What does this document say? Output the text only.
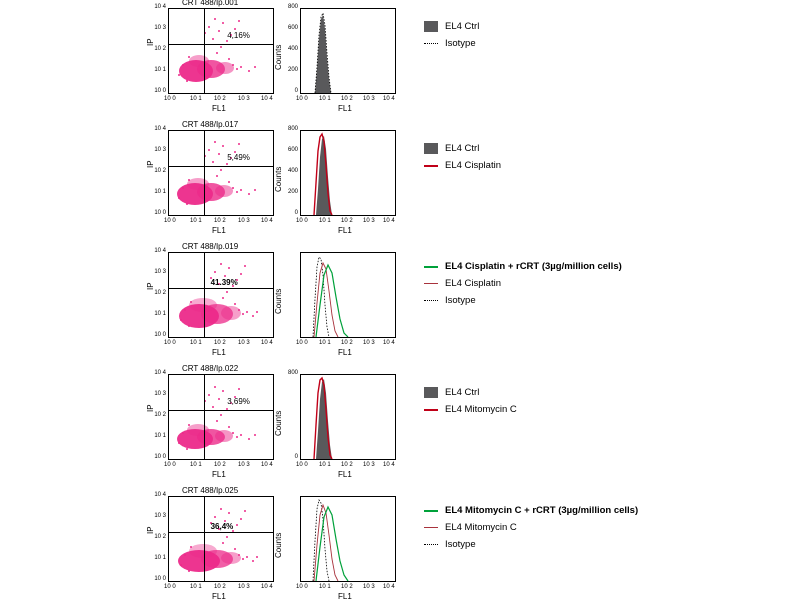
CRT 488/Ip.001
IP
10 4
10 3
10 2
10 1
10 0
4,16%
10 0 10 1 10 2 10 3 10 4
FL1
Counts
800
600
400
200
0
10 0 10 1 10 2 10 3 10 4
FL1
EL4 Ctrl
Isotype
CRT 488/Ip.017
IP
10 4
10 3
10 2
10 1
10 0
5,49%
10 0 10 1 10 2 10 3 10 4
FL1
Counts
800
600
400
200
0
10 0 10 1 10 2 10 3 10 4
FL1
EL4 Ctrl
EL4 Cisplatin
CRT 488/Ip.019
IP
10 4
10 3
10 2
10 1
10 0
41.39%
10 0 10 1 10 2 10 3 10 4
FL1
Counts
10 0 10 1 10 2 10 3 10 4
FL1
EL4 Cisplatin + rCRT (3µg/million cells)
EL4 Cisplatin
Isotype
CRT 488/Ip.022
IP
10 4
10 3
10 2
10 1
10 0
3,69%
10 0 10 1 10 2 10 3 10 4
FL1
Counts
800
0
10 0 10 1 10 2 10 3 10 4
FL1
EL4 Ctrl
EL4 Mitomycin C
CRT 488/Ip.025
IP
10 4
10 3
10 2
10 1
10 0
36,4%
10 0 10 1 10 2 10 3 10 4
FL1
Counts
10 0 10 1 10 2 10 3 10 4
FL1
EL4 Mitomycin C + rCRT (3µg/million cells)
EL4 Mitomycin C
Isotype
